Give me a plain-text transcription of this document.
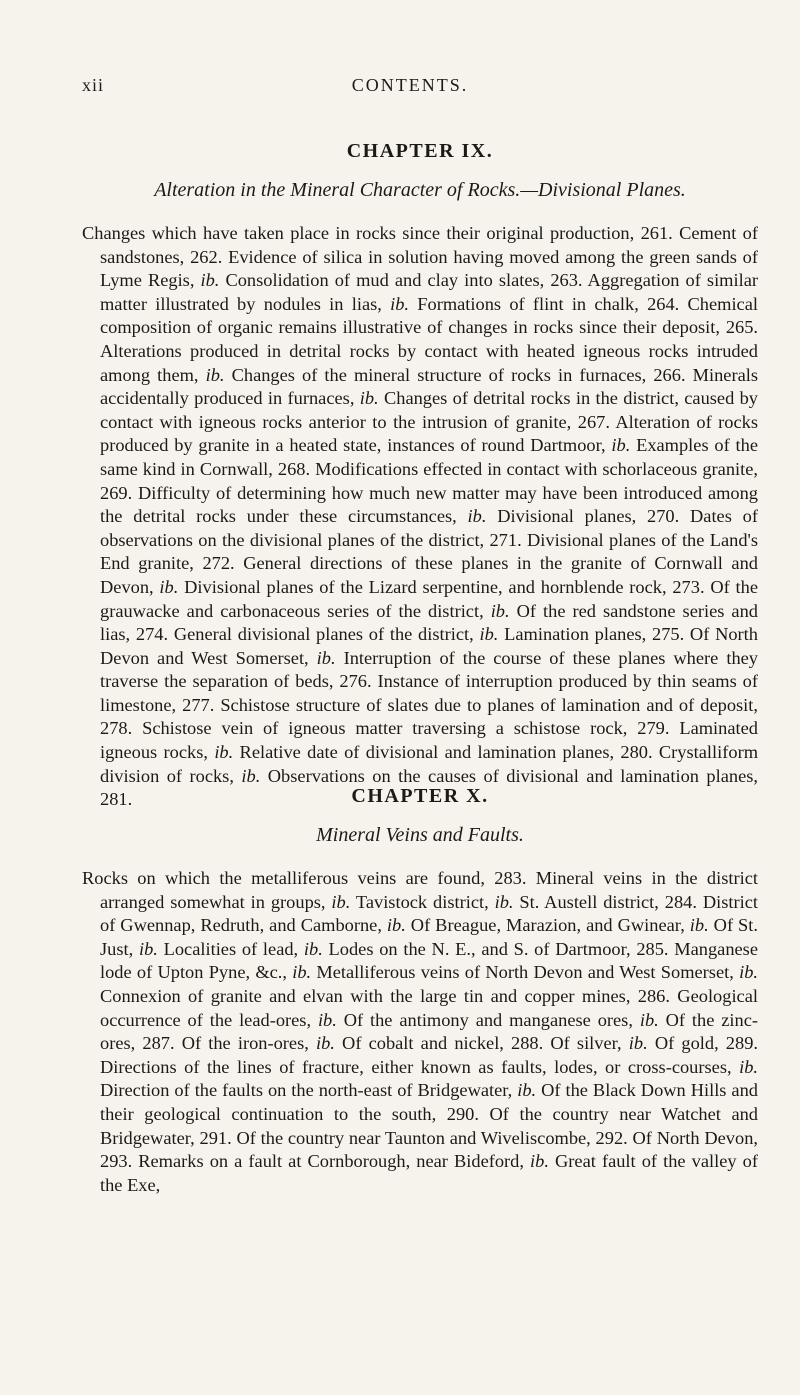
xii	CONTENTS.
CHAPTER IX.

Alteration in the Mineral Character of Rocks.—Divisional Planes.

Changes which have taken place in rocks since their original production, 261. Cement of sandstones, 262. Evidence of silica in solution having moved among the green sands of Lyme Regis, ib. Consolidation of mud and clay into slates, 263. Aggregation of similar matter illustrated by nodules in lias, ib. Formations of flint in chalk, 264. Chemical composition of organic remains illustrative of changes in rocks since their deposit, 265. Alterations produced in detrital rocks by contact with heated igneous rocks intruded among them, ib. Changes of the mineral structure of rocks in furnaces, 266. Minerals accidentally produced in furnaces, ib. Changes of detrital rocks in the district, caused by contact with igneous rocks anterior to the intrusion of granite, 267. Alteration of rocks produced by granite in a heated state, instances of round Dartmoor, ib. Examples of the same kind in Cornwall, 268. Modifications effected in contact with schorlaceous granite, 269. Difficulty of determining how much new matter may have been introduced among the detrital rocks under these circumstances, ib. Divisional planes, 270. Dates of observations on the divisional planes of the district, 271. Divisional planes of the Land's End granite, 272. General directions of these planes in the granite of Cornwall and Devon, ib. Divisional planes of the Lizard serpentine, and hornblende rock, 273. Of the grauwacke and carbonaceous series of the district, ib. Of the red sandstone series and lias, 274. General divisional planes of the district, ib. Lamination planes, 275. Of North Devon and West Somerset, ib. Interruption of the course of these planes where they traverse the separation of beds, 276. Instance of interruption produced by thin seams of limestone, 277. Schistose structure of slates due to planes of lamination and of deposit, 278. Schistose vein of igneous matter traversing a schistose rock, 279. Laminated igneous rocks, ib. Relative date of divisional and lamination planes, 280. Crystalliform division of rocks, ib. Observations on the causes of divisional and lamination planes, 281.	CHAPTER X.

Mineral Veins and Faults.

Rocks on which the metalliferous veins are found, 283. Mineral veins in the district arranged somewhat in groups, ib. Tavistock district, ib. St. Austell district, 284. District of Gwennap, Redruth, and Camborne, ib. Of Breague, Marazion, and Gwinear, ib. Of St. Just, ib. Localities of lead, ib. Lodes on the N. E., and S. of Dartmoor, 285. Manganese lode of Upton Pyne, &c., ib. Metalliferous veins of North Devon and West Somerset, ib. Connexion of granite and elvan with the large tin and copper mines, 286. Geological occurrence of the lead-ores, ib. Of the antimony and manganese ores, ib. Of the zinc-ores, 287. Of the iron-ores, ib. Of cobalt and nickel, 288. Of silver, ib. Of gold, 289. Directions of the lines of fracture, either known as faults, lodes, or cross-courses, ib. Direction of the faults on the north-east of Bridgewater, ib. Of the Black Down Hills and their geological continuation to the south, 290. Of the country near Watchet and Bridgewater, 291. Of the country near Taunton and Wiveliscombe, 292. Of North Devon, 293. Remarks on a fault at Cornborough, near Bideford, ib. Great fault of the valley of the Exe,
